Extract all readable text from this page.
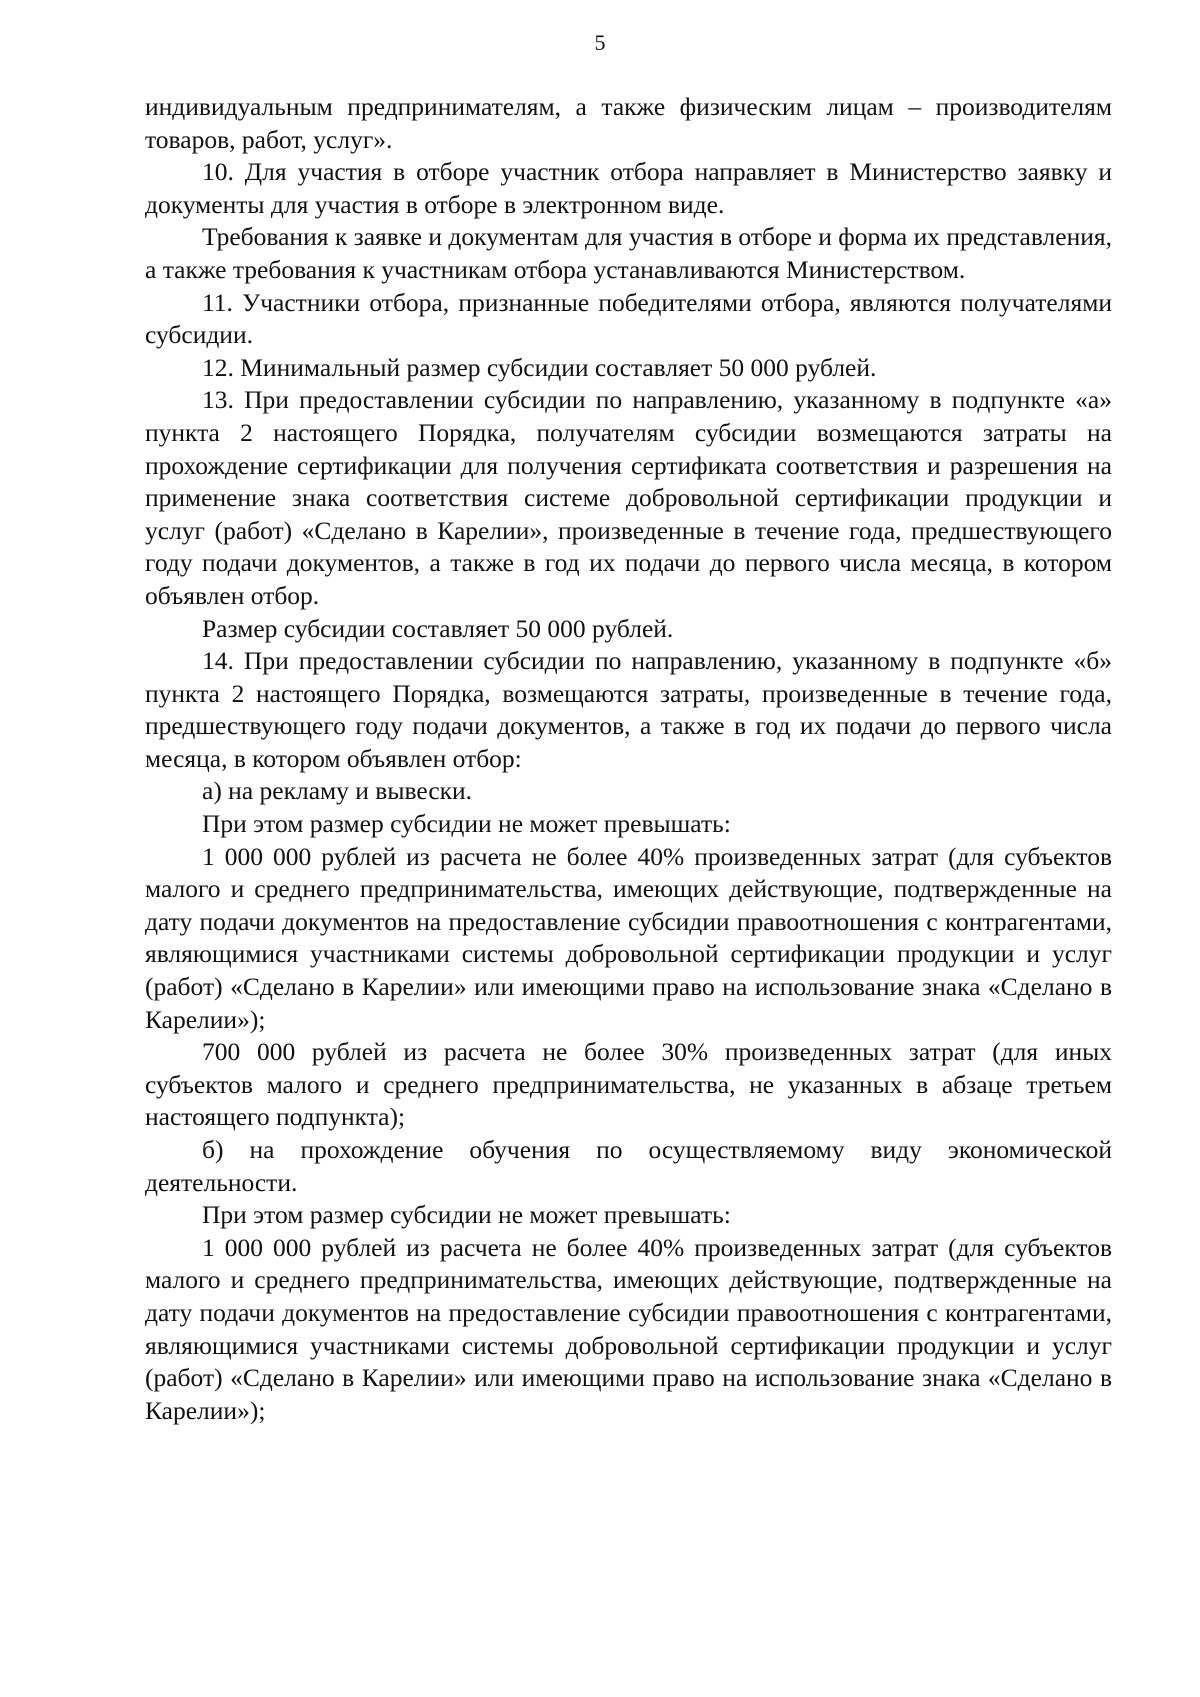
5

индивидуальным предпринимателям, а также физическим лицам – производителям товаров, работ, услуг».

10. Для участия в отборе участник отбора направляет в Министерство заявку и документы для участия в отборе в электронном виде.

Требования к заявке и документам для участия в отборе и форма их представления, а также требования к участникам отбора устанавливаются Министерством.

11. Участники отбора, признанные победителями отбора, являются получателями субсидии.

12. Минимальный размер субсидии составляет 50 000 рублей.

13. При предоставлении субсидии по направлению, указанному в подпункте «а» пункта 2 настоящего Порядка, получателям субсидии возмещаются затраты на прохождение сертификации для получения сертификата соответствия и разрешения на применение знака соответствия системе добровольной сертификации продукции и услуг (работ) «Сделано в Карелии», произведенные в течение года, предшествующего году подачи документов, а также в год их подачи до первого числа месяца, в котором объявлен отбор.

Размер субсидии составляет 50 000 рублей.

14. При предоставлении субсидии по направлению, указанному в подпункте «б» пункта 2 настоящего Порядка, возмещаются затраты, произведенные в течение года, предшествующего году подачи документов, а также в год их подачи до первого числа месяца, в котором объявлен отбор:

а) на рекламу и вывески.

При этом размер субсидии не может превышать:

1 000 000 рублей из расчета не более 40% произведенных затрат (для субъектов малого и среднего предпринимательства, имеющих действующие, подтвержденные на дату подачи документов на предоставление субсидии правоотношения с контрагентами, являющимися участниками системы добровольной сертификации продукции и услуг (работ) «Сделано в Карелии» или имеющими право на использование знака «Сделано в Карелии»);

700 000 рублей из расчета не более 30% произведенных затрат (для иных субъектов малого и среднего предпринимательства, не указанных в абзаце третьем настоящего подпункта);

б) на прохождение обучения по осуществляемому виду экономической деятельности.

При этом размер субсидии не может превышать:

1 000 000 рублей из расчета не более 40% произведенных затрат (для субъектов малого и среднего предпринимательства, имеющих действующие, подтвержденные на дату подачи документов на предоставление субсидии правоотношения с контрагентами, являющимися участниками системы добровольной сертификации продукции и услуг (работ) «Сделано в Карелии» или имеющими право на использование знака «Сделано в Карелии»);
